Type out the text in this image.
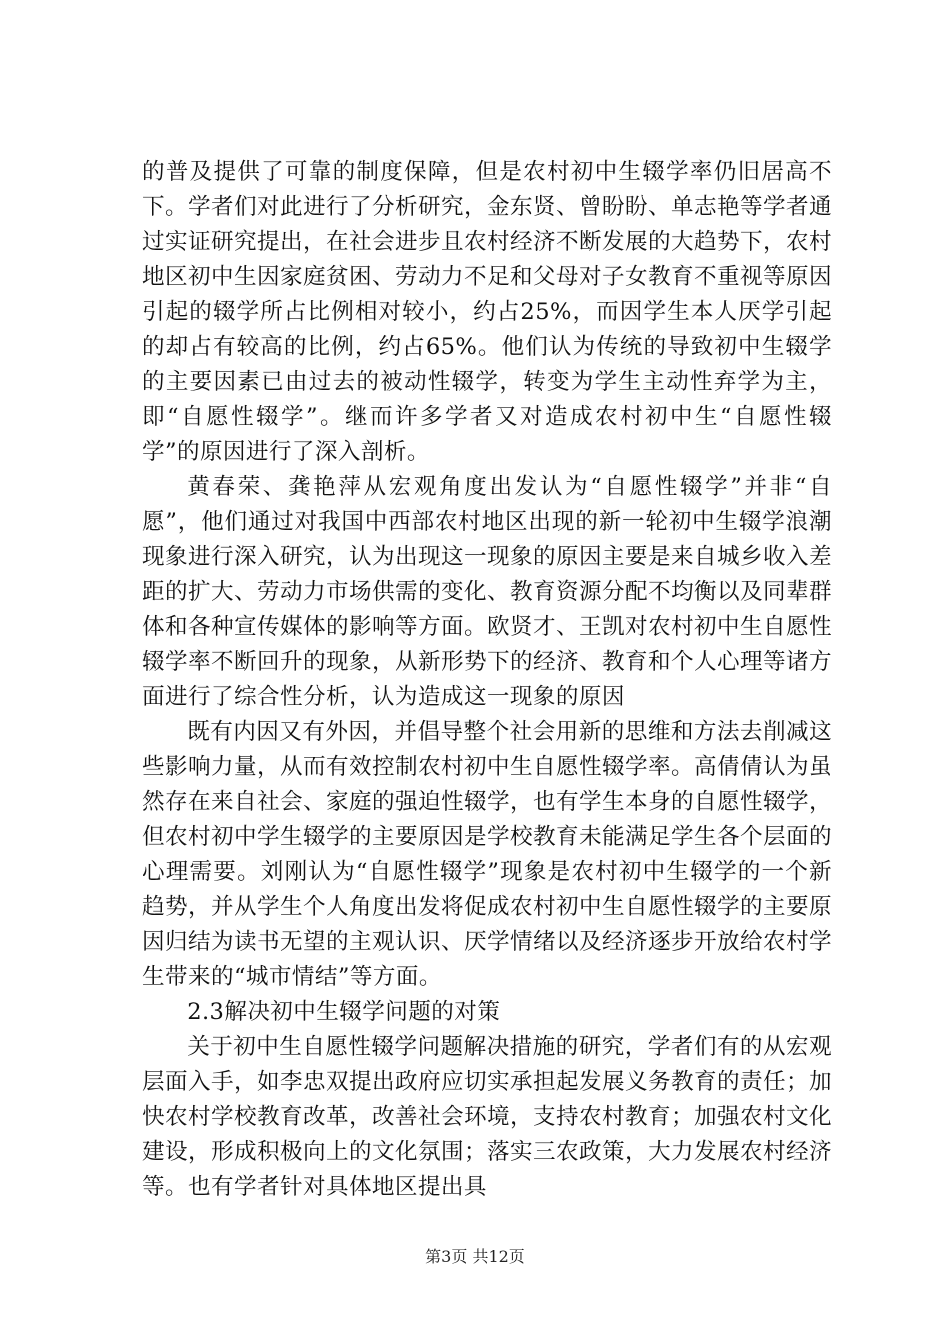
的普及提供了可靠的制度保障，但是农村初中生辍学率仍旧居高不下。学者们对此进行了分析研究，金东贤、曾盼盼、单志艳等学者通过实证研究提出，在社会进步且农村经济不断发展的大趋势下，农村地区初中生因家庭贫困、劳动力不足和父母对子女教育不重视等原因引起的辍学所占比例相对较小，约占25%，而因学生本人厌学引起的却占有较高的比例，约占65%。他们认为传统的导致初中生辍学的主要因素已由过去的被动性辍学，转变为学生主动性弃学为主，即“自愿性辍学”。继而许多学者又对造成农村初中生“自愿性辍学”的原因进行了深入剖析。

黄春荣、龚艳萍从宏观角度出发认为“自愿性辍学”并非“自愿”，他们通过对我国中西部农村地区出现的新一轮初中生辍学浪潮现象进行深入研究，认为出现这一现象的原因主要是来自城乡收入差距的扩大、劳动力市场供需的变化、教育资源分配不均衡以及同辈群体和各种宣传媒体的影响等方面。欧贤才、王凯对农村初中生自愿性辍学率不断回升的现象，从新形势下的经济、教育和个人心理等诸方面进行了综合性分析，认为造成这一现象的原因

既有内因又有外因，并倡导整个社会用新的思维和方法去削减这些影响力量，从而有效控制农村初中生自愿性辍学率。高倩倩认为虽然存在来自社会、家庭的强迫性辍学，也有学生本身的自愿性辍学，但农村初中学生辍学的主要原因是学校教育未能满足学生各个层面的心理需要。刘刚认为“自愿性辍学”现象是农村初中生辍学的一个新趋势，并从学生个人角度出发将促成农村初中生自愿性辍学的主要原因归结为读书无望的主观认识、厌学情绪以及经济逐步开放给农村学生带来的“城市情结”等方面。

2.3解决初中生辍学问题的对策

关于初中生自愿性辍学问题解决措施的研究，学者们有的从宏观层面入手，如李忠双提出政府应切实承担起发展义务教育的责任；加快农村学校教育改革，改善社会环境，支持农村教育；加强农村文化建设，形成积极向上的文化氛围；落实三农政策，大力发展农村经济等。也有学者针对具体地区提出具

第3页 共12页
